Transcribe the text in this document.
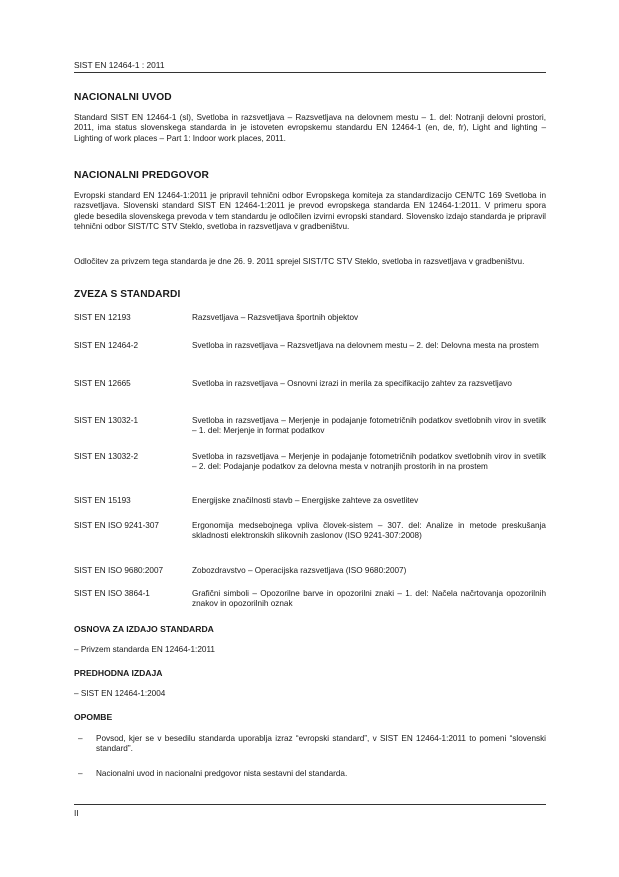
SIST EN 12464-1 : 2011
NACIONALNI UVOD

Standard SIST EN 12464-1 (sl), Svetloba in razsvetljava – Razsvetljava na delovnem mestu – 1. del: Notranji delovni prostori, 2011, ima status slovenskega standarda in je istoveten evropskemu standardu EN 12464-1 (en, de, fr), Light and lighting – Lighting of work places – Part 1: Indoor work places, 2011.

NACIONALNI PREDGOVOR

Evropski standard EN 12464-1:2011 je pripravil tehnični odbor Evropskega komiteja za standardizacijo CEN/TC 169 Svetloba in razsvetljava. Slovenski standard SIST EN 12464-1:2011 je prevod evropskega standarda EN 12464-1:2011. V primeru spora glede besedila slovenskega prevoda v tem standardu je odločilen izvirni evropski standard. Slovensko izdajo standarda je pripravil tehnični odbor SIST/TC STV Steklo, svetloba in razsvetljava v gradbeništvu.

Odločitev za privzem tega standarda je dne 26. 9. 2011 sprejel SIST/TC STV Steklo, svetloba in razsvetljava v gradbeništvu.

ZVEZA S STANDARDI
SIST EN 12193	Razsvetljava – Razsvetljava športnih objektov
SIST EN 12464-2	Svetloba in razsvetljava – Razsvetljava na delovnem mestu – 2. del: Delovna mesta na prostem
SIST EN 12665	Svetloba in razsvetljava – Osnovni izrazi in merila za specifikacijo zahtev za razsvetljavo
SIST EN 13032-1	Svetloba in razsvetljava – Merjenje in podajanje fotometričnih podatkov svetlobnih virov in svetilk – 1. del: Merjenje in format podatkov
SIST EN 13032-2	Svetloba in razsvetljava – Merjenje in podajanje fotometričnih podatkov svetlobnih virov in svetilk – 2. del: Podajanje podatkov za delovna mesta v notranjih prostorih in na prostem
SIST EN 15193	Energijske značilnosti stavb – Energijske zahteve za osvetlitev
SIST EN ISO 9241-307	Ergonomija medsebojnega vpliva človek-sistem – 307. del: Analize in metode preskušanja skladnosti elektronskih slikovnih zaslonov (ISO 9241-307:2008)
SIST EN ISO 9680:2007	Zobozdravstvo – Operacijska razsvetljava (ISO 9680:2007)
SIST EN ISO 3864-1	Grafični simboli – Opozorilne barve in opozorilni znaki – 1. del: Načela načrtovanja opozorilnih znakov in opozorilnih oznak
OSNOVA ZA IZDAJO STANDARDA

– Privzem standarda EN 12464-1:2011

PREDHODNA IZDAJA

– SIST EN 12464-1:2004

OPOMBE
– Povsod, kjer se v besedilu standarda uporablja izraz “evropski standard”, v SIST EN 12464-1:2011 to pomeni “slovenski standard”.
– Nacionalni uvod in nacionalni predgovor nista sestavni del standarda.
II
